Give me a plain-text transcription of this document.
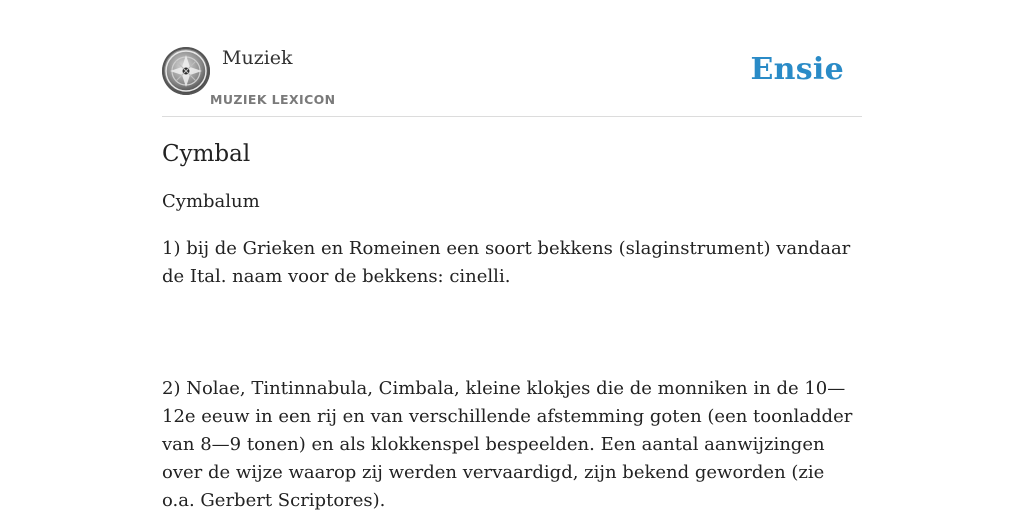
Muziek
MUZIEK LEXICON
Ensie
Cymbal

Cymbalum

1) bij de Grieken en Romeinen een soort bekkens (slaginstrument) vandaar de Ital. naam voor de bekkens: cinelli.

2) Nolae, Tintinnabula, Cimbala, kleine klokjes die de monniken in de 10—12e eeuw in een rij en van verschillende afstemming goten (een toonladder van 8—9 tonen) en als klokkenspel bespeelden. Een aantal aanwijzingen over de wijze waarop zij werden vervaardigd, zijn bekend geworden (zie o.a. Gerbert Scriptores).
